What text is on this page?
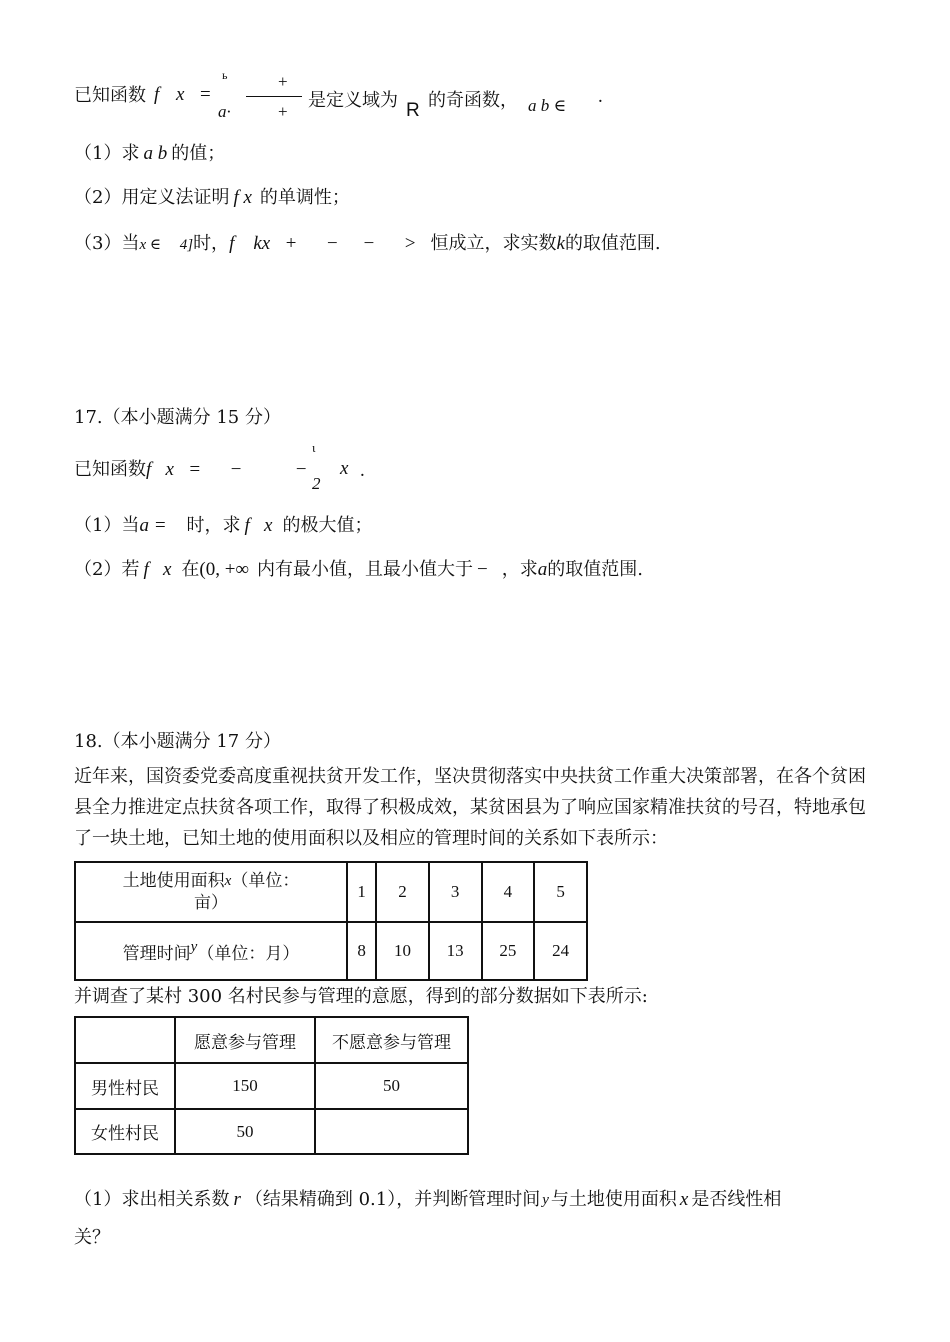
已知函数 f x =
ь
a·
+
+
是定义域为 R 的奇函数， a b ∈ .
（1）求 a b 的值；
（2）用定义法证明 f x 的单调性；
（3）当x ∈     4]时，f    kx   +      −     −      > 恒成立，求实数k的取值范围.
17.（本小题满分 15 分）
已知函数f   x   =      −           −
ι
2
x .
（1）当a = 时，求 f   x 的极大值；
（2）若 f   x 在(0, +∞ 内有最小值，且最小值大于 − ，求a的取值范围.
18.（本小题满分 17 分）
近年来，国资委党委高度重视扶贫开发工作，坚决贯彻落实中央扶贫工作重大决策部署，在各个贫困县全力推进定点扶贫各项工作，取得了积极成效，某贫困县为了响应国家精准扶贫的号召，特地承包了一块土地，已知土地的使用面积以及相应的管理时间的关系如下表所示：
土地使用面积x（单位：
亩）	1	2	3	4	5
管理时间y（单位：月）	8	10	13	25	24
并调查了某村 300 名村民参与管理的意愿，得到的部分数据如下表所示:
	愿意参与管理	不愿意参与管理
男性村民	150	50
女性村民	50	
（1）求出相关系数 r （结果精确到 0.1），并判断管理时间 $^y$ 与土地使用面积 x 是否线性相
关？
